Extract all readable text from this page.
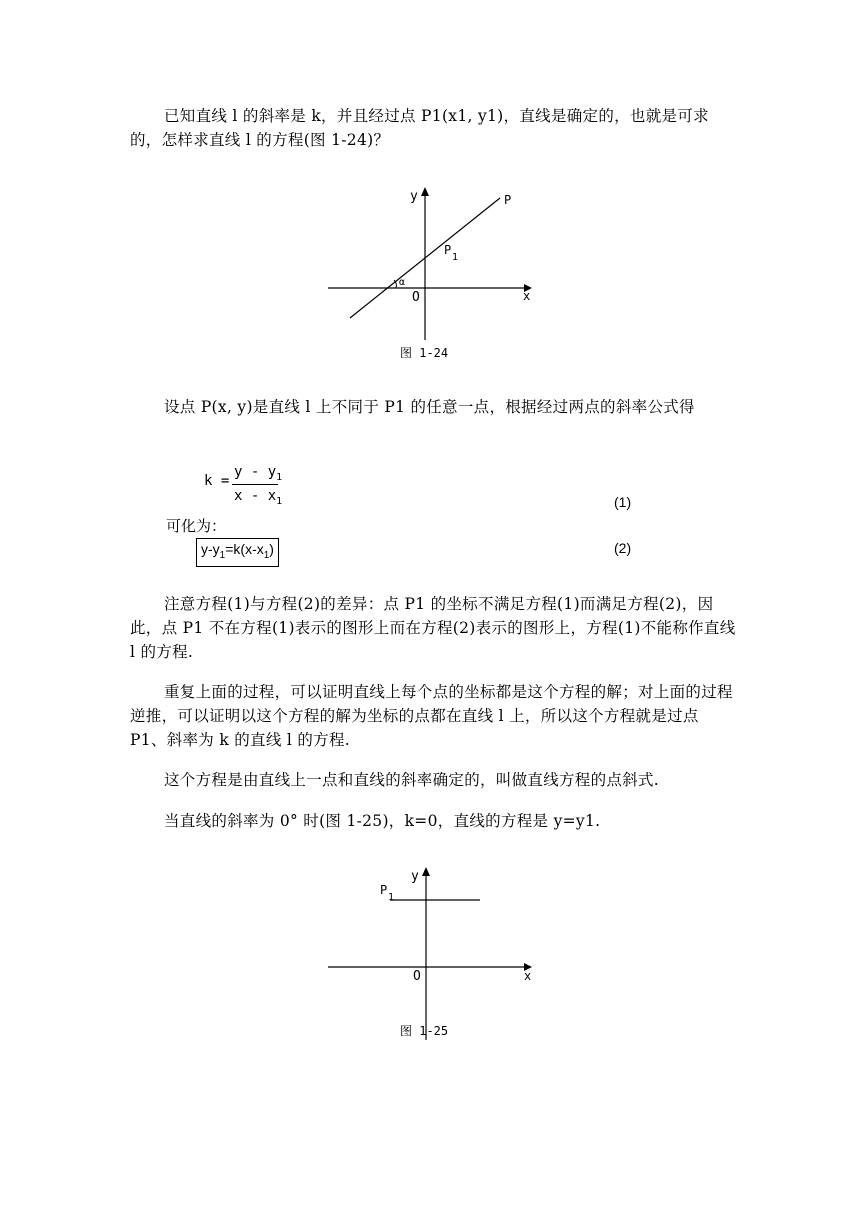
已知直线 l 的斜率是 k，并且经过点 P1(x1, y1)，直线是确定的，也就是可求的，怎样求直线 l 的方程(图 1-24)？

α
y
x
O
P
P
1
图 1-24

设点 P(x, y)是直线 l 上不同于 P1 的任意一点，根据经过两点的斜率公式得

k =
y - $y_1$
x - $x_1$	(1)
可化为：
$y-y_1=k(x-x_1)$	(2)

注意方程(1)与方程(2)的差异：点 P1 的坐标不满足方程(1)而满足方程(2)，因此，点 P1 不在方程(1)表示的图形上而在方程(2)表示的图形上，方程(1)不能称作直线 l 的方程.

重复上面的过程，可以证明直线上每个点的坐标都是这个方程的解；对上面的过程逆推，可以证明以这个方程的解为坐标的点都在直线 l 上，所以这个方程就是过点 P1、斜率为 k 的直线 l 的方程.

这个方程是由直线上一点和直线的斜率确定的，叫做直线方程的点斜式.

当直线的斜率为 0° 时(图 1-25)，k=0，直线的方程是 y=y1.

y
x
O
P
1
图 1-25
